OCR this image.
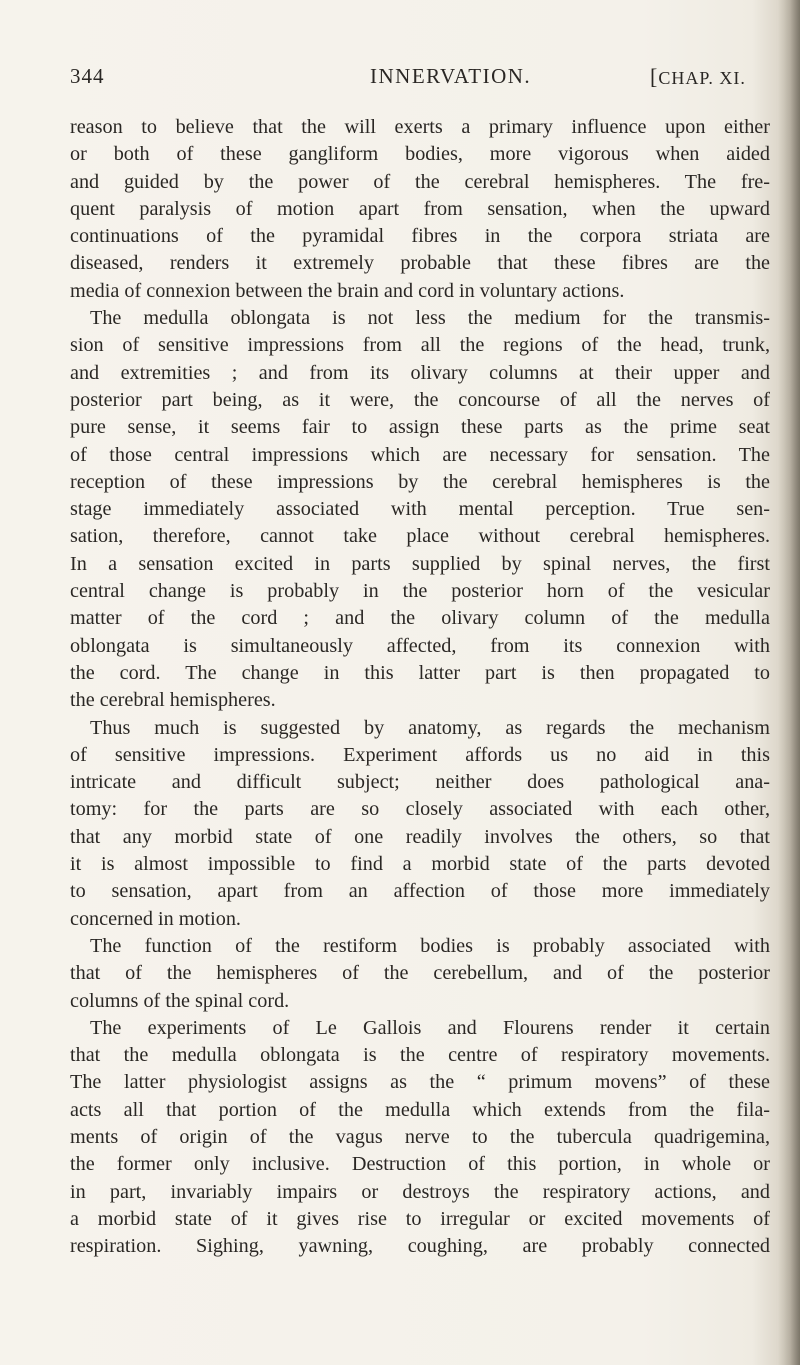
344	INNERVATION.	[CHAP. XI.
reason to believe that the will exerts a primary influence upon either
or both of these gangliform bodies, more vigorous when aided
and guided by the power of the cerebral hemispheres. The fre-
quent paralysis of motion apart from sensation, when the upward
continuations of the pyramidal fibres in the corpora striata are
diseased, renders it extremely probable that these fibres are the
media of connexion between the brain and cord in voluntary actions.
The medulla oblongata is not less the medium for the transmis-
sion of sensitive impressions from all the regions of the head, trunk,
and extremities ; and from its olivary columns at their upper and
posterior part being, as it were, the concourse of all the nerves of
pure sense, it seems fair to assign these parts as the prime seat
of those central impressions which are necessary for sensation. The
reception of these impressions by the cerebral hemispheres is the
stage immediately associated with mental perception. True sen-
sation, therefore, cannot take place without cerebral hemispheres.
In a sensation excited in parts supplied by spinal nerves, the first
central change is probably in the posterior horn of the vesicular
matter of the cord ; and the olivary column of the medulla
oblongata is simultaneously affected, from its connexion with
the cord. The change in this latter part is then propagated to
the cerebral hemispheres.
Thus much is suggested by anatomy, as regards the mechanism
of sensitive impressions. Experiment affords us no aid in this
intricate and difficult subject; neither does pathological ana-
tomy: for the parts are so closely associated with each other,
that any morbid state of one readily involves the others, so that
it is almost impossible to find a morbid state of the parts devoted
to sensation, apart from an affection of those more immediately
concerned in motion.
The function of the restiform bodies is probably associated with
that of the hemispheres of the cerebellum, and of the posterior
columns of the spinal cord.
The experiments of Le Gallois and Flourens render it certain
that the medulla oblongata is the centre of respiratory movements.
The latter physiologist assigns as the “ primum movens” of these
acts all that portion of the medulla which extends from the fila-
ments of origin of the vagus nerve to the tubercula quadrigemina,
the former only inclusive. Destruction of this portion, in whole or
in part, invariably impairs or destroys the respiratory actions, and
a morbid state of it gives rise to irregular or excited movements of
respiration. Sighing, yawning, coughing, are probably connected
